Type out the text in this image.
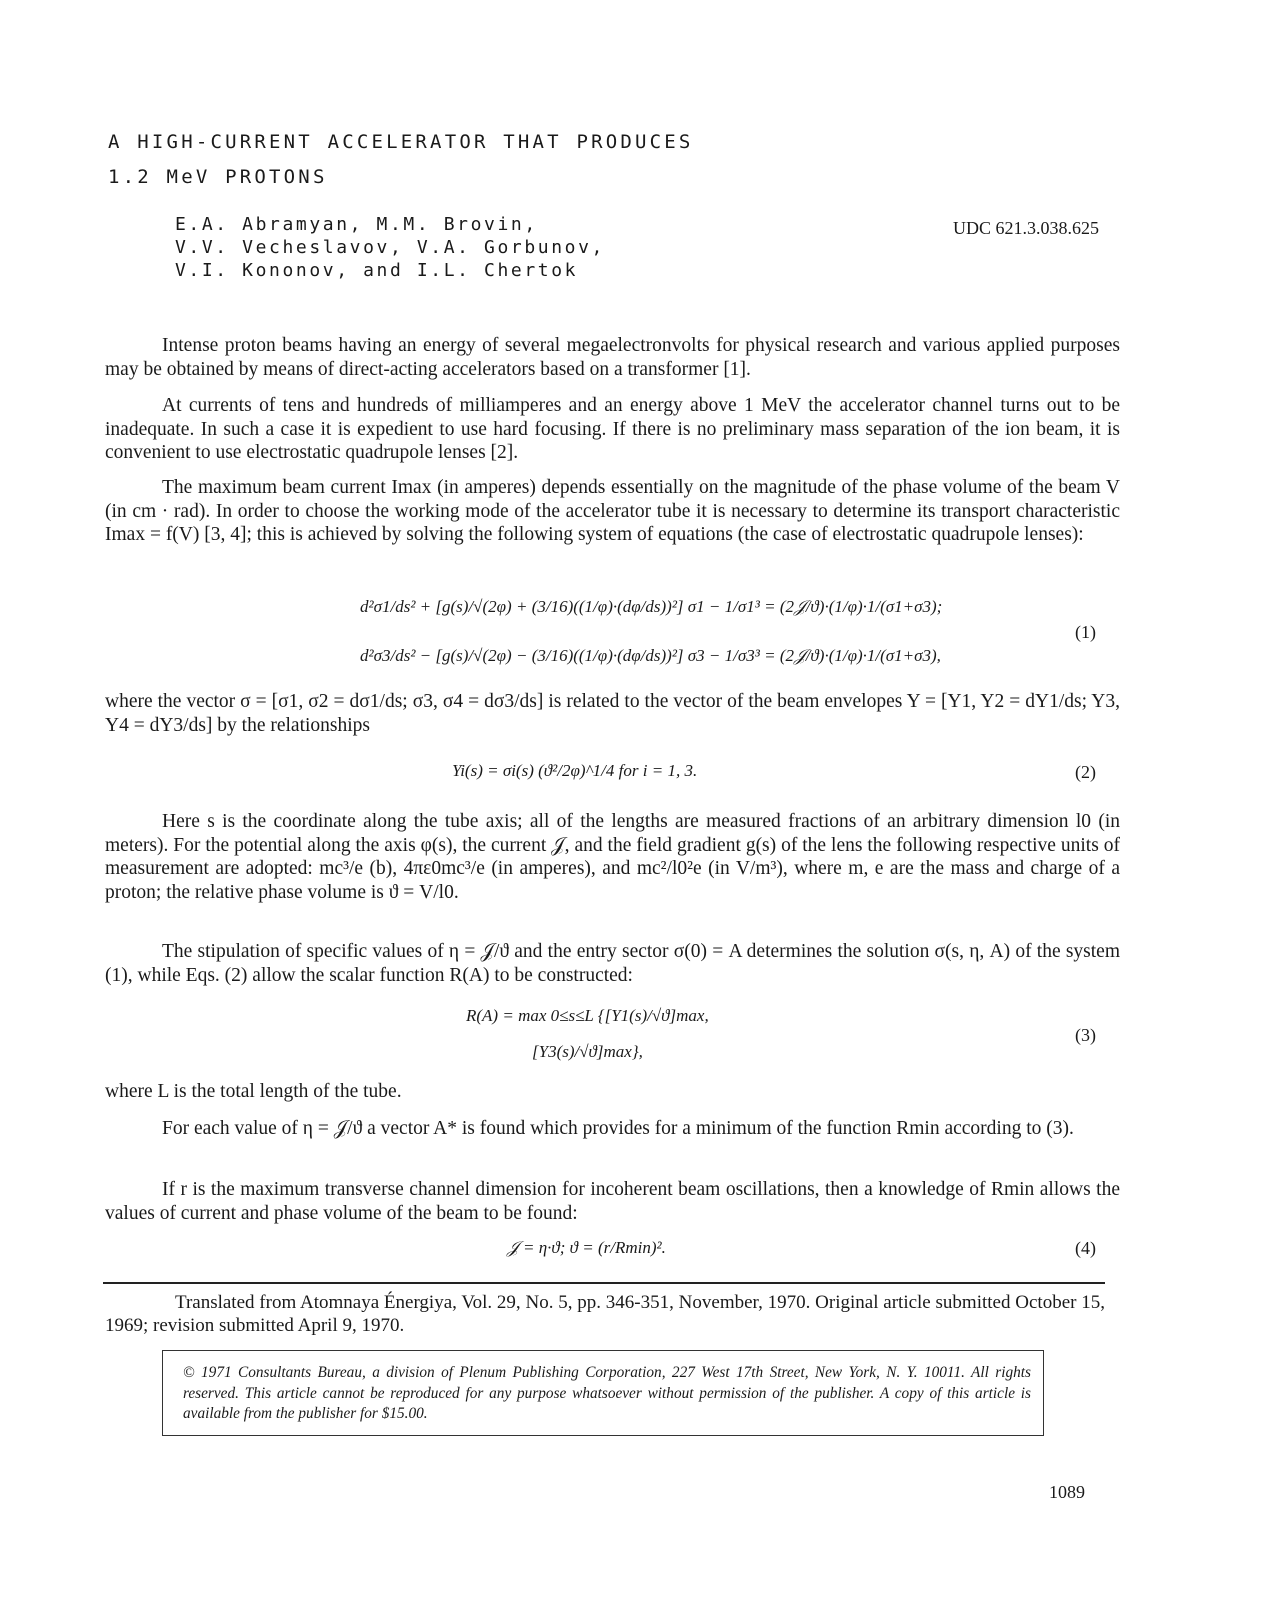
A HIGH-CURRENT ACCELERATOR THAT PRODUCES
1.2 MeV PROTONS
E.A. Abramyan, M.M. Brovin,
V.V. Vecheslavov, V.A. Gorbunov,
V.I. Kononov, and I.L. Chertok
UDC 621.3.038.625

Intense proton beams having an energy of several megaelectronvolts for physical research and various applied purposes may be obtained by means of direct-acting accelerators based on a transformer [1].

At currents of tens and hundreds of milliamperes and an energy above 1 MeV the accelerator channel turns out to be inadequate. In such a case it is expedient to use hard focusing. If there is no preliminary mass separation of the ion beam, it is convenient to use electrostatic quadrupole lenses [2].

The maximum beam current Imax (in amperes) depends essentially on the magnitude of the phase volume of the beam V (in cm · rad). In order to choose the working mode of the accelerator tube it is necessary to determine its transport characteristic Imax = f(V) [3, 4]; this is achieved by solving the following system of equations (the case of electrostatic quadrupole lenses):

d²σ1/ds² + [g(s)/√(2φ) + (3/16)((1/φ)·(dφ/ds))²] σ1 − 1/σ1³ = (2𝒥/ϑ)·(1/φ)·1/(σ1+σ3);
d²σ3/ds² − [g(s)/√(2φ) − (3/16)((1/φ)·(dφ/ds))²] σ3 − 1/σ3³ = (2𝒥/ϑ)·(1/φ)·1/(σ1+σ3),
(1)

where the vector σ = [σ1, σ2 = dσ1/ds; σ3, σ4 = dσ3/ds] is related to the vector of the beam envelopes Y = [Y1, Y2 = dY1/ds; Y3, Y4 = dY3/ds] by the relationships

Yi(s) = σi(s) (ϑ²/2φ)^1/4 for i = 1, 3.	(2)

Here s is the coordinate along the tube axis; all of the lengths are measured fractions of an arbitrary dimension l0 (in meters). For the potential along the axis φ(s), the current 𝒥, and the field gradient g(s) of the lens the following respective units of measurement are adopted: mc³/e (b), 4πε0mc³/e (in amperes), and mc²/l0²e (in V/m³), where m, e are the mass and charge of a proton; the relative phase volume is ϑ = V/l0.

The stipulation of specific values of η = 𝒥/ϑ and the entry sector σ(0) = A determines the solution σ(s, η, A) of the system (1), while Eqs. (2) allow the scalar function R(A) to be constructed:

R(A) = max 0≤s≤L {[Y1(s)/√ϑ]max,
[Y3(s)/√ϑ]max},
(3)

where L is the total length of the tube.

For each value of η = 𝒥/ϑ a vector A* is found which provides for a minimum of the function Rmin according to (3).

If r is the maximum transverse channel dimension for incoherent beam oscillations, then a knowledge of Rmin allows the values of current and phase volume of the beam to be found:

𝒥 = η·ϑ; ϑ = (r/Rmin)².	(4)

Translated from Atomnaya Énergiya, Vol. 29, No. 5, pp. 346-351, November, 1970. Original article submitted October 15, 1969; revision submitted April 9, 1970.

© 1971 Consultants Bureau, a division of Plenum Publishing Corporation, 227 West 17th Street, New York, N. Y. 10011. All rights reserved. This article cannot be reproduced for any purpose whatsoever without permission of the publisher. A copy of this article is available from the publisher for $15.00.

1089
